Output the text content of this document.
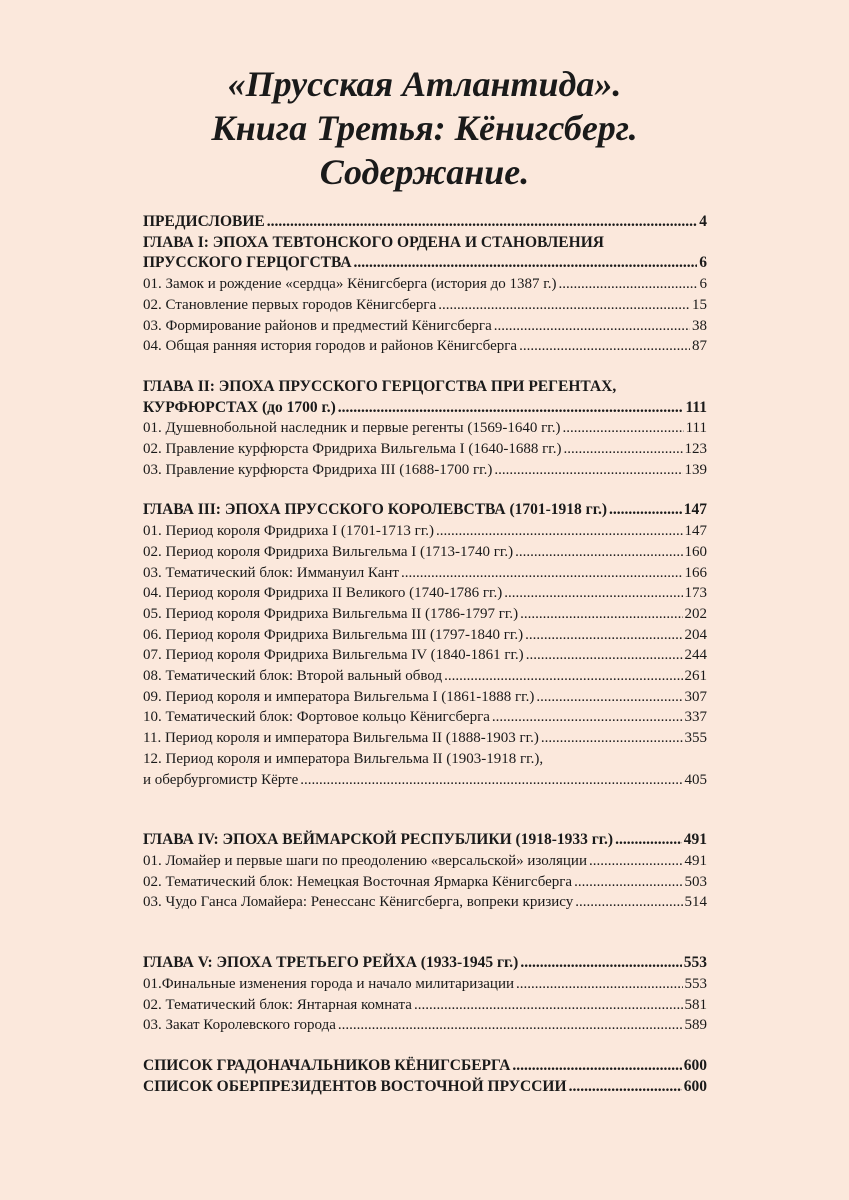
«Прусская Атлантида».
Книга Третья: Кёнигсберг.
Содержание.
ПРЕДИСЛОВИЕ .....	4
ГЛАВА I: ЭПОХА ТЕВТОНСКОГО ОРДЕНА И СТАНОВЛЕНИЯ
ПРУССКОГО ГЕРЦОГСТВА .....	6
01. Замок и рождение «сердца» Кёнигсберга (история до 1387 г.) .....	6
02. Становление первых городов Кёнигсберга .....	15
03. Формирование районов и предместий Кёнигсберга .....	38
04. Общая ранняя история городов и районов Кёнигсберга .....	87
ГЛАВА II: ЭПОХА ПРУССКОГО ГЕРЦОГСТВА ПРИ РЕГЕНТАХ,
КУРФЮРСТАХ (до 1700 г.) .....	111
01. Душевнобольной наследник и первые регенты (1569-1640 гг.) .....	111
02. Правление курфюрста Фридриха Вильгельма I (1640-1688 гг.) .....	123
03. Правление курфюрста Фридриха III (1688-1700 гг.) .....	139
ГЛАВА III: ЭПОХА ПРУССКОГО КОРОЛЕВСТВА (1701-1918 гг.) .....	147
01. Период короля Фридриха I (1701-1713 гг.) .....	147
02. Период короля Фридриха Вильгельма I (1713-1740 гг.) .....	160
03. Тематический блок: Иммануил Кант .....	166
04. Период короля Фридриха II Великого (1740-1786 гг.) .....	173
05. Период короля Фридриха Вильгельма II (1786-1797 гг.) .....	202
06. Период короля Фридриха Вильгельма III (1797-1840 гг.) .....	204
07. Период короля Фридриха Вильгельма IV (1840-1861 гг.) .....	244
08. Тематический блок: Второй вальный обвод .....	261
09. Период короля и императора Вильгельма I (1861-1888 гг.) .....	307
10. Тематический блок: Фортовое кольцо Кёнигсберга .....	337
11. Период короля и императора Вильгельма II (1888-1903 гг.) .....	355
12. Период короля и императора Вильгельма II (1903-1918 гг.),
и обербургомистр Кёрте .....	405
ГЛАВА IV: ЭПОХА ВЕЙМАРСКОЙ РЕСПУБЛИКИ (1918-1933 гг.) .....	491
01. Ломайер и первые шаги по преодолению «версальской» изоляции .....	491
02. Тематический блок: Немецкая Восточная Ярмарка Кёнигсберга .....	503
03. Чудо Ганса Ломайера: Ренессанс Кёнигсберга, вопреки кризису .....	514
ГЛАВА V: ЭПОХА ТРЕТЬЕГО РЕЙХА (1933-1945 гг.) .....	553
01.Финальные изменения города и начало милитаризации .....	553
02. Тематический блок: Янтарная комната .....	581
03. Закат Королевского города .....	589
СПИСОК ГРАДОНАЧАЛЬНИКОВ КЁНИГСБЕРГА .....	600
СПИСОК ОБЕРПРЕЗИДЕНТОВ ВОСТОЧНОЙ ПРУССИИ .....	600
